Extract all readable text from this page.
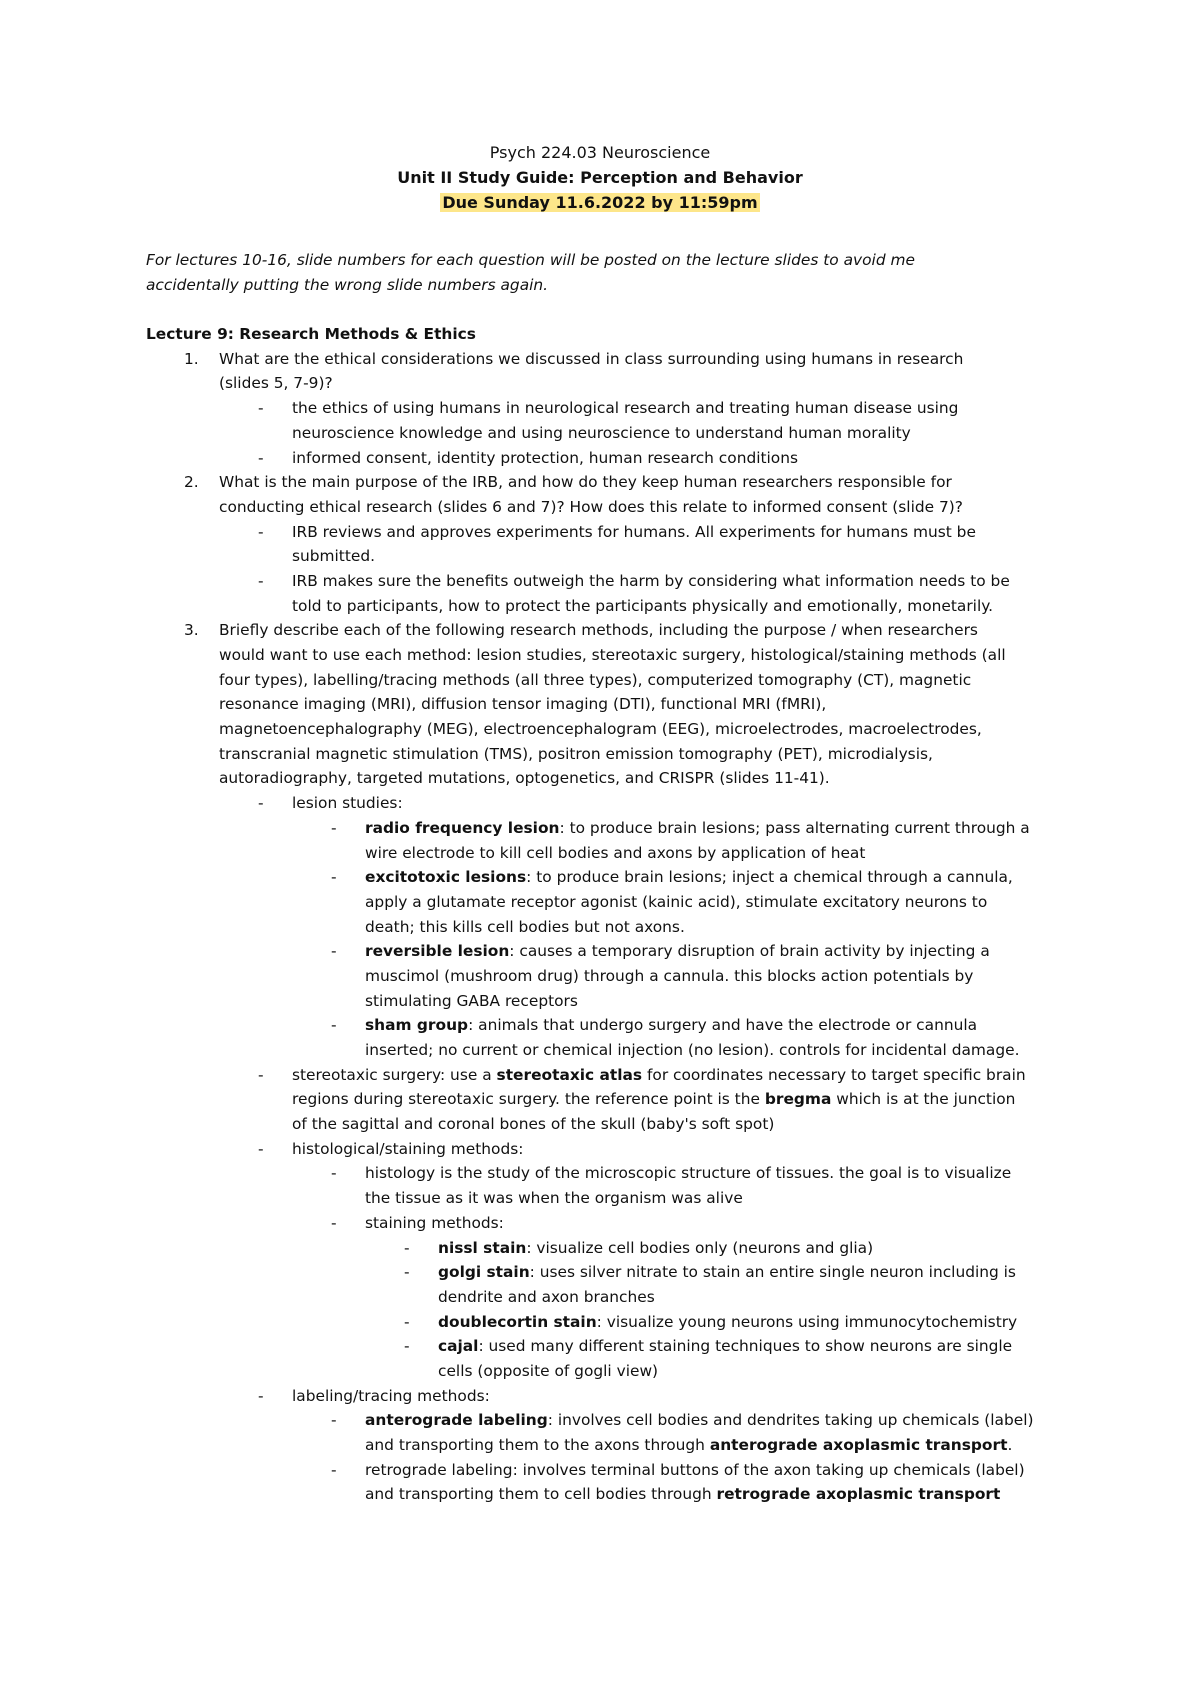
Psych 224.03 Neuroscience
Unit II Study Guide: Perception and Behavior
Due Sunday 11.6.2022 by 11:59pm
For lectures 10-16, slide numbers for each question will be posted on the lecture slides to avoid me
accidentally putting the wrong slide numbers again.
Lecture 9: Research Methods & Ethics
1. What are the ethical considerations we discussed in class surrounding using humans in research
(slides 5, 7-9)?
- the ethics of using humans in neurological research and treating human disease using
neuroscience knowledge and using neuroscience to understand human morality
- informed consent, identity protection, human research conditions
2. What is the main purpose of the IRB, and how do they keep human researchers responsible for
conducting ethical research (slides 6 and 7)? How does this relate to informed consent (slide 7)?
- IRB reviews and approves experiments for humans. All experiments for humans must be
submitted.
- IRB makes sure the benefits outweigh the harm by considering what information needs to be
told to participants, how to protect the participants physically and emotionally, monetarily.
3. Briefly describe each of the following research methods, including the purpose / when researchers
would want to use each method: lesion studies, stereotaxic surgery, histological/staining methods (all
four types), labelling/tracing methods (all three types), computerized tomography (CT), magnetic
resonance imaging (MRI), diffusion tensor imaging (DTI), functional MRI (fMRI),
magnetoencephalography (MEG), electroencephalogram (EEG), microelectrodes, macroelectrodes,
transcranial magnetic stimulation (TMS), positron emission tomography (PET), microdialysis,
autoradiography, targeted mutations, optogenetics, and CRISPR (slides 11-41).
- lesion studies:
- radio frequency lesion: to produce brain lesions; pass alternating current through a
wire electrode to kill cell bodies and axons by application of heat
- excitotoxic lesions: to produce brain lesions; inject a chemical through a cannula,
apply a glutamate receptor agonist (kainic acid), stimulate excitatory neurons to
death; this kills cell bodies but not axons.
- reversible lesion: causes a temporary disruption of brain activity by injecting a
muscimol (mushroom drug) through a cannula. this blocks action potentials by
stimulating GABA receptors
- sham group: animals that undergo surgery and have the electrode or cannula
inserted; no current or chemical injection (no lesion). controls for incidental damage.
- stereotaxic surgery: use a stereotaxic atlas for coordinates necessary to target specific brain
regions during stereotaxic surgery. the reference point is the bregma which is at the junction
of the sagittal and coronal bones of the skull (baby's soft spot)
- histological/staining methods:
- histology is the study of the microscopic structure of tissues. the goal is to visualize
the tissue as it was when the organism was alive
- staining methods:
- nissl stain: visualize cell bodies only (neurons and glia)
- golgi stain: uses silver nitrate to stain an entire single neuron including is
dendrite and axon branches
- doublecortin stain: visualize young neurons using immunocytochemistry
- cajal: used many different staining techniques to show neurons are single
cells (opposite of gogli view)
- labeling/tracing methods:
- anterograde labeling: involves cell bodies and dendrites taking up chemicals (label)
and transporting them to the axons through anterograde axoplasmic transport.
- retrograde labeling: involves terminal buttons of the axon taking up chemicals (label)
and transporting them to cell bodies through retrograde axoplasmic transport
